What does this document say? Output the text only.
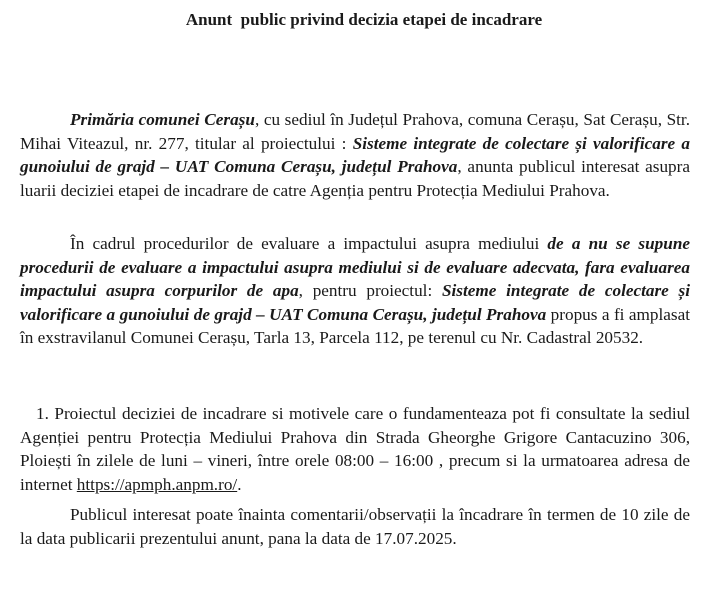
Anunt  public privind decizia etapei de incadrare

Primăria comunei Cerașu, cu sediul în Județul Prahova, comuna Cerașu, Sat Cerașu, Str. Mihai Viteazul, nr. 277, titular al proiectului : Sisteme integrate de colectare și valorificare a gunoiului de grajd – UAT Comuna Cerașu, județul Prahova, anunta publicul interesat asupra luarii deciziei etapei de incadrare de catre Agenția pentru Protecția Mediului Prahova.

În cadrul procedurilor de evaluare a impactului asupra mediului de a nu se supune procedurii de evaluare a impactului asupra mediului si de evaluare adecvata, fara evaluarea impactului asupra corpurilor de apa, pentru proiectul: Sisteme integrate de colectare și valorificare a gunoiului de grajd – UAT Comuna Cerașu, județul Prahova propus a fi amplasat în exstravilanul Comunei Cerașu, Tarla 13, Parcela 112, pe terenul cu Nr. Cadastral 20532.

1. Proiectul deciziei de incadrare si motivele care o fundamenteaza pot fi consultate la sediul Agenției pentru Protecția Mediului Prahova din Strada Gheorghe Grigore Cantacuzino 306, Ploiești în zilele de luni – vineri, între orele 08:00 – 16:00 , precum si la urmatoarea adresa de internet https://apmph.anpm.ro/.

Publicul interesat poate înainta comentarii/observații la încadrare în termen de 10 zile de la data publicarii prezentului anunt, pana la data de 17.07.2025.
